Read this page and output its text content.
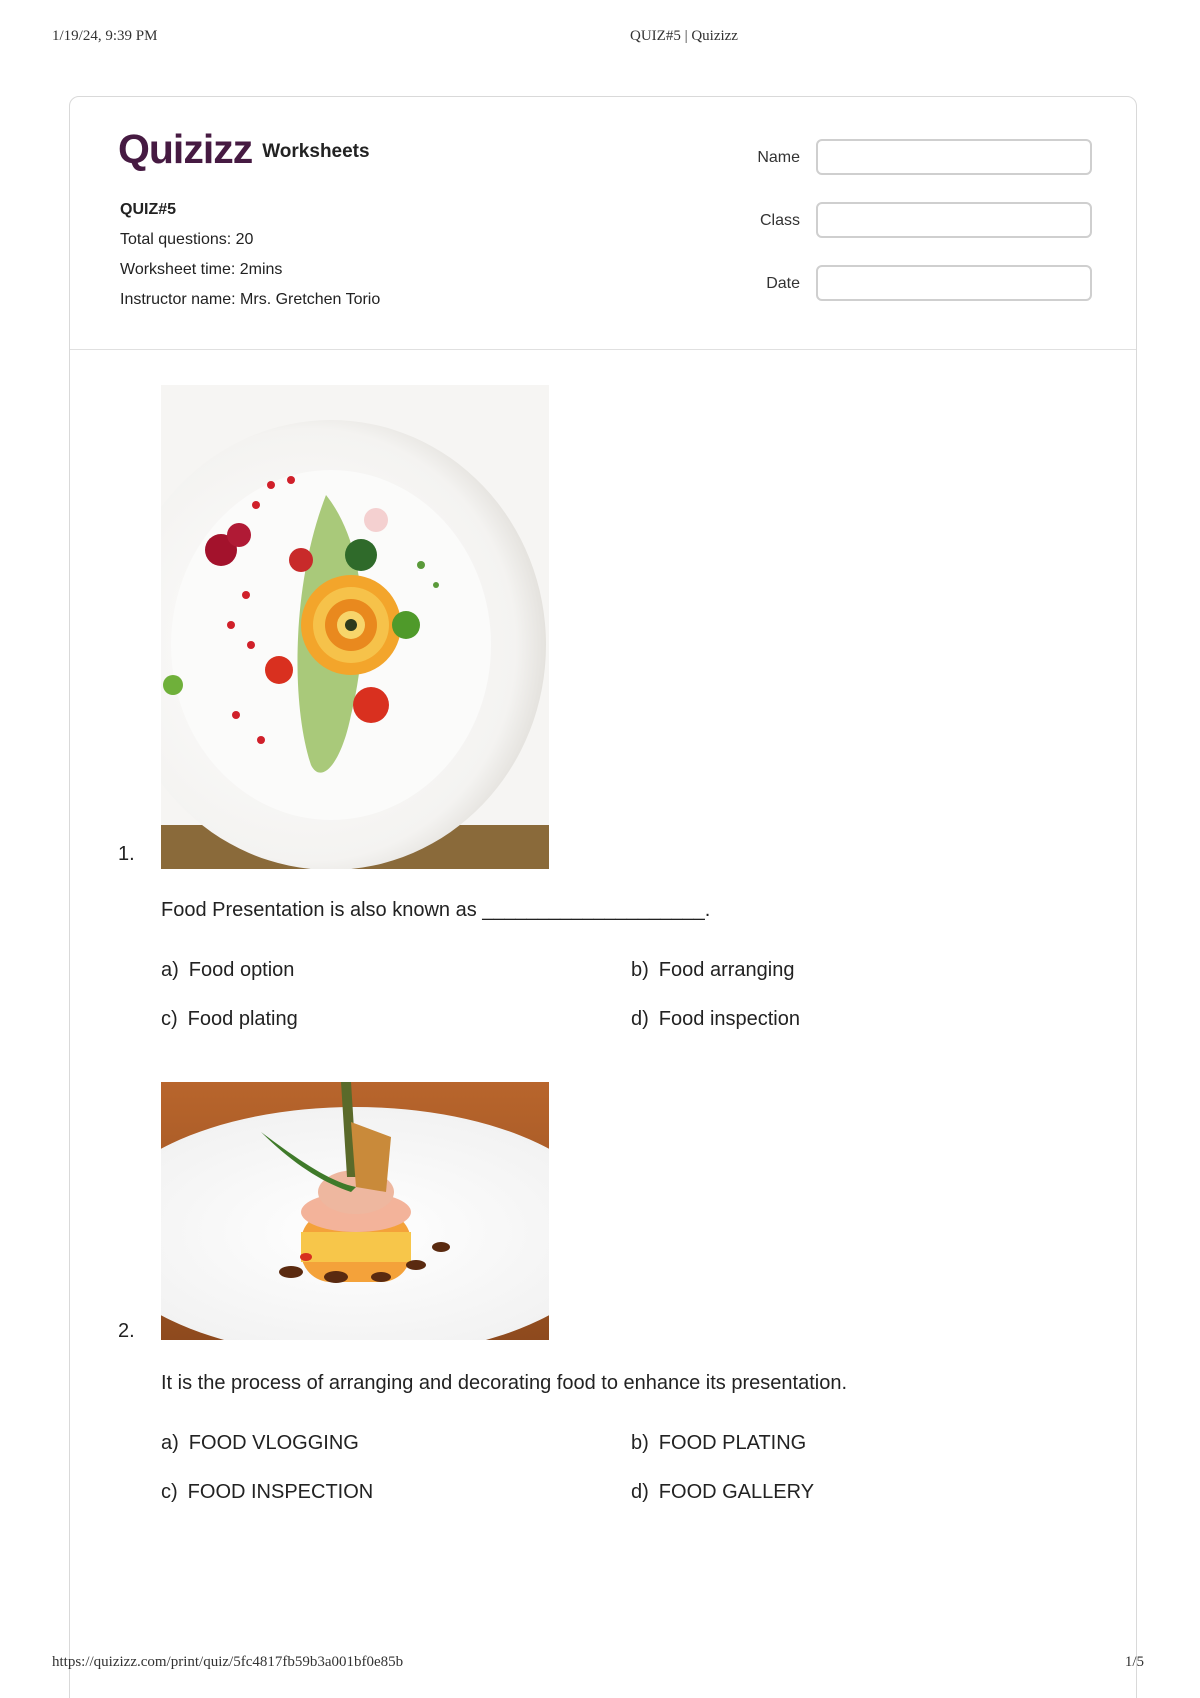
1/19/24, 9:39 PM	QUIZ#5 | Quizizz
Quizizz Worksheets
QUIZ#5
Total questions: 20
Worksheet time: 2mins
Instructor name: Mrs. Gretchen Torio
Name
Class
Date
1.
Food Presentation is also known as ____________________.
a) Food option	b) Food arranging
c) Food plating	d) Food inspection
2.
It is the process of arranging and decorating food to enhance its presentation.
a) FOOD VLOGGING	b) FOOD PLATING
c) FOOD INSPECTION	d) FOOD GALLERY
https://quizizz.com/print/quiz/5fc4817fb59b3a001bf0e85b	1/5
